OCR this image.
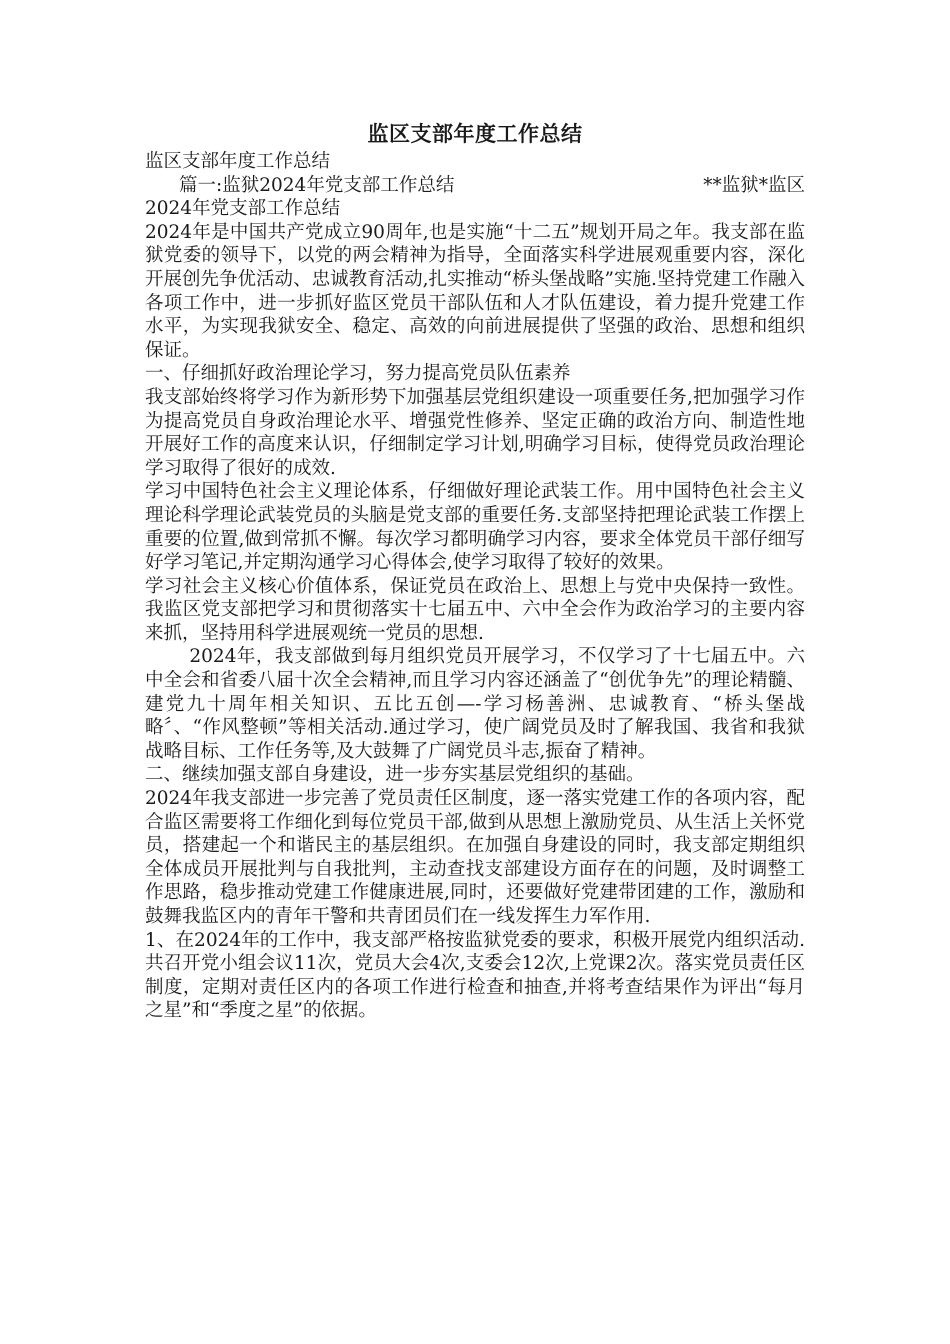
监区支部年度工作总结

监区支部年度工作总结

篇一:监狱2024年党支部工作总结	**监狱*监区

2024年党支部工作总结

2024年是中国共产党成立90周年,也是实施“十二五”规划开局之年。我支部在监狱党委的领导下，以党的两会精神为指导，全面落实科学进展观重要内容，深化开展创先争优活动、忠诚教育活动,扎实推动“桥头堡战略”实施.坚持党建工作融入各项工作中，进一步抓好监区党员干部队伍和人才队伍建设，着力提升党建工作水平，为实现我狱安全、稳定、高效的向前进展提供了坚强的政治、思想和组织保证。

一、仔细抓好政治理论学习，努力提高党员队伍素养

我支部始终将学习作为新形势下加强基层党组织建设一项重要任务,把加强学习作为提高党员自身政治理论水平、增强党性修养、坚定正确的政治方向、制造性地开展好工作的高度来认识，仔细制定学习计划,明确学习目标，使得党员政治理论学习取得了很好的成效.

学习中国特色社会主义理论体系，仔细做好理论武装工作。用中国特色社会主义理论科学理论武装党员的头脑是党支部的重要任务.支部坚持把理论武装工作摆上重要的位置,做到常抓不懈。每次学习都明确学习内容，要求全体党员干部仔细写好学习笔记,并定期沟通学习心得体会,使学习取得了较好的效果。

学习社会主义核心价值体系，保证党员在政治上、思想上与党中央保持一致性。我监区党支部把学习和贯彻落实十七届五中、六中全会作为政治学习的主要内容来抓，坚持用科学进展观统一党员的思想.

2024年，我支部做到每月组织党员开展学习，不仅学习了十七届五中。六中全会和省委八届十次全会精神,而且学习内容还涵盖了“创优争先”的理论精髓、建党九十周年相关知识、五比五创—-学习杨善洲、忠诚教育、“桥头堡战略〞、“作风整顿”等相关活动.通过学习，使广阔党员及时了解我国、我省和我狱战略目标、工作任务等,及大鼓舞了广阔党员斗志,振奋了精神。

二、继续加强支部自身建设，进一步夯实基层党组织的基础。

2024年我支部进一步完善了党员责任区制度，逐一落实党建工作的各项内容，配合监区需要将工作细化到每位党员干部,做到从思想上激励党员、从生活上关怀党员，搭建起一个和谐民主的基层组织。在加强自身建设的同时，我支部定期组织全体成员开展批判与自我批判，主动查找支部建设方面存在的问题，及时调整工作思路，稳步推动党建工作健康进展,同时，还要做好党建带团建的工作，激励和鼓舞我监区内的青年干警和共青团员们在一线发挥生力军作用.

1、在2024年的工作中，我支部严格按监狱党委的要求，积极开展党内组织活动.共召开党小组会议11次，党员大会4次,支委会12次,上党课2次。落实党员责任区制度，定期对责任区内的各项工作进行检查和抽查,并将考查结果作为评出“每月之星”和“季度之星”的依据。
